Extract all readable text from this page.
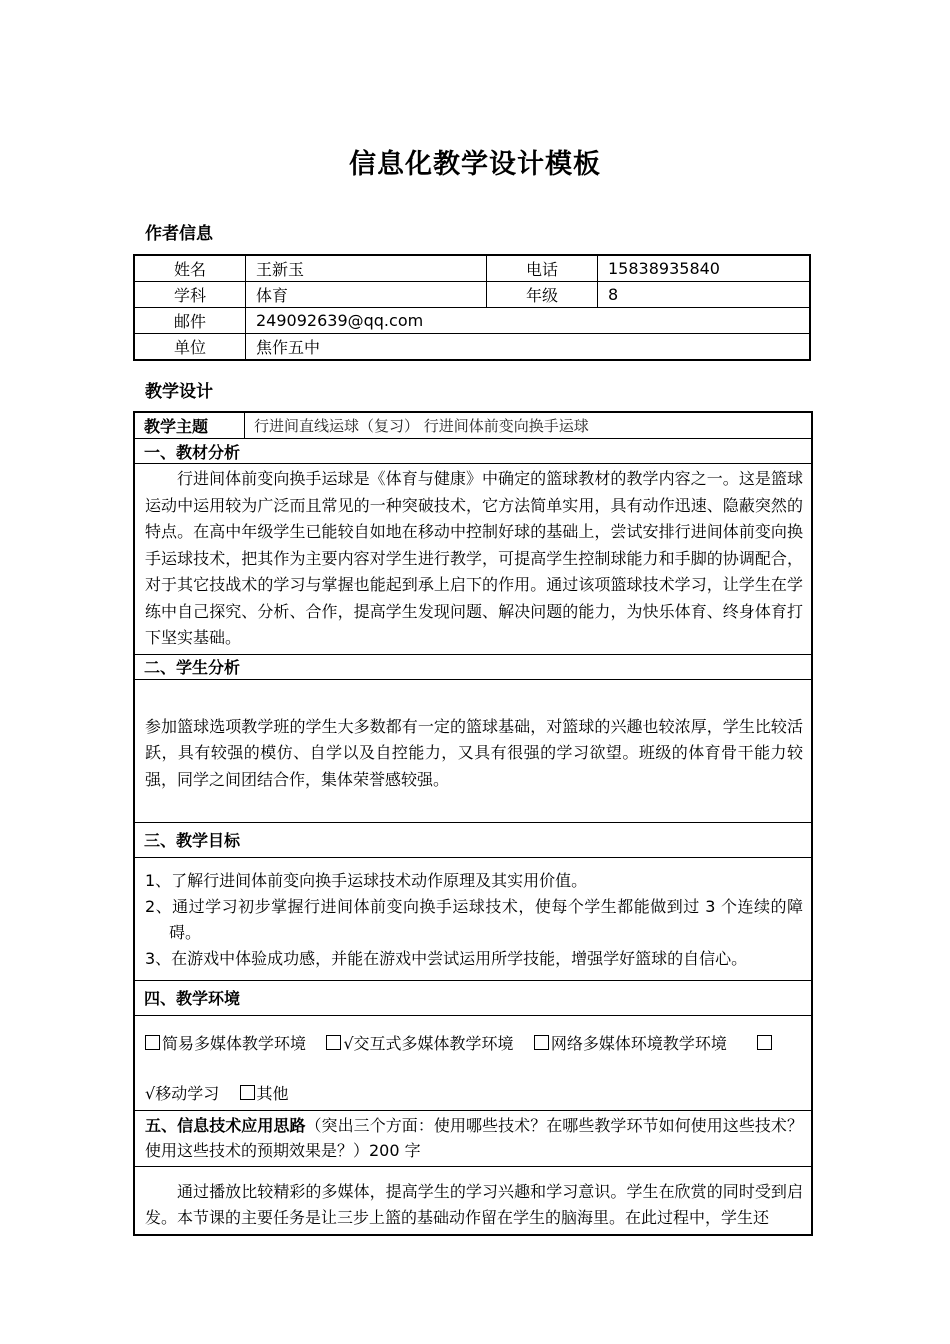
信息化教学设计模板
作者信息
姓名	王新玉	电话	15838935840
学科	体育	年级	8
邮件	249092639@qq.com		
单位	焦作五中		
教学设计
教学主题	行进间直线运球（复习） 行进间体前变向换手运球
一、教材分析
行进间体前变向换手运球是《体育与健康》中确定的篮球教材的教学内容之一。这是篮球运动中运用较为广泛而且常见的一种突破技术，它方法简单实用，具有动作迅速、隐蔽突然的特点。在高中年级学生已能较自如地在移动中控制好球的基础上，尝试安排行进间体前变向换手运球技术，把其作为主要内容对学生进行教学，可提高学生控制球能力和手脚的协调配合，对于其它技战术的学习与掌握也能起到承上启下的作用。通过该项篮球技术学习，让学生在学练中自己探究、分析、合作，提高学生发现问题、解决问题的能力，为快乐体育、终身体育打下坚实基础。
二、学生分析
参加篮球选项教学班的学生大多数都有一定的篮球基础，对篮球的兴趣也较浓厚，学生比较活跃，具有较强的模仿、自学以及自控能力，又具有很强的学习欲望。班级的体育骨干能力较强，同学之间团结合作，集体荣誉感较强。
三、教学目标

1、了解行进间体前变向换手运球技术动作原理及其实用价值。
2、通过学习初步掌握行进间体前变向换手运球技术，使每个学生都能做到过 3 个连续的障碍。
3、在游戏中体验成功感，并能在游戏中尝试运用所学技能，增强学好篮球的自信心。

四、教学环境

简易多媒体教学环境 √交互式多媒体教学环境 网络多媒体环境教学环境
√移动学习 其他

五、信息技术应用思路（突出三个方面：使用哪些技术？在哪些教学环节如何使用这些技术？使用这些技术的预期效果是？）200 字
通过播放比较精彩的多媒体，提高学生的学习兴趣和学习意识。学生在欣赏的同时受到启发。本节课的主要任务是让三步上篮的基础动作留在学生的脑海里。在此过程中，学生还
